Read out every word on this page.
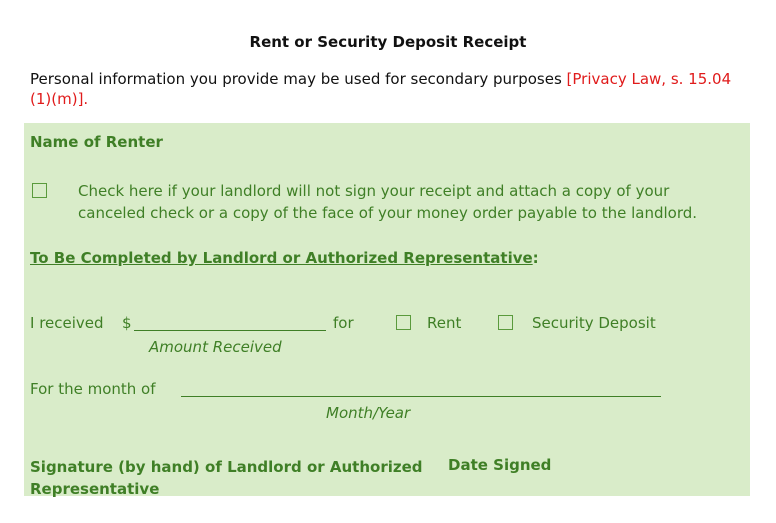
Rent or Security Deposit Receipt
Personal information you provide may be used for secondary purposes [Privacy Law, s. 15.04 (1)(m)].
Name of Renter
Check here if your landlord will not sign your receipt and attach a copy of your
canceled check or a copy of the face of your money order payable to the landlord.
To Be Completed by Landlord or Authorized Representative:
I received $	for	Rent	Security Deposit
Amount Received
For the month of
Month/Year
Signature (by hand) of Landlord or Authorized
Representative
Date Signed
